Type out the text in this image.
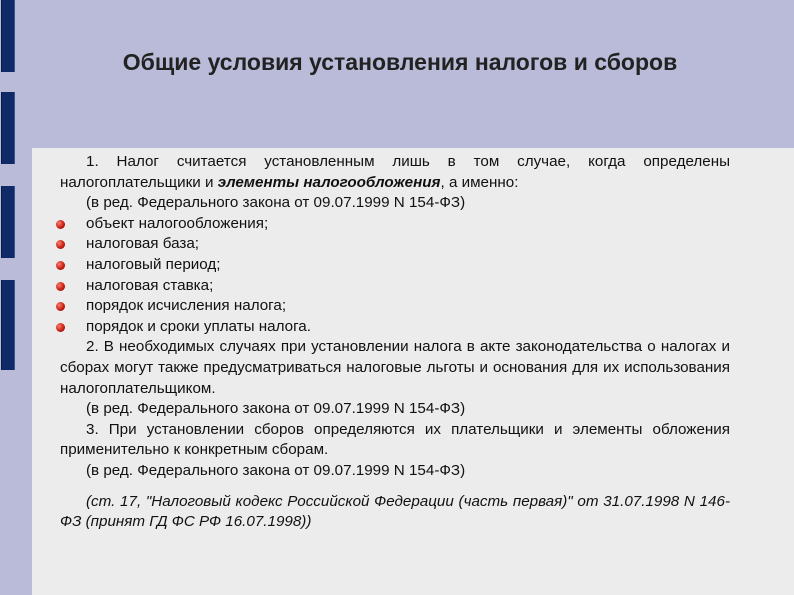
Общие условия установления налогов и сборов

1. Налог считается установленным лишь в том случае, когда определены налогоплательщики и элементы налогообложения, а именно:

(в ред. Федерального закона от 09.07.1999 N 154-ФЗ)

объект налогообложения;

налоговая база;

налоговый период;

налоговая ставка;

порядок исчисления налога;

порядок и сроки уплаты налога.

2. В необходимых случаях при установлении налога в акте законодательства о налогах и сборах могут также предусматриваться налоговые льготы и основания для их использования налогоплательщиком.

(в ред. Федерального закона от 09.07.1999 N 154-ФЗ)

3. При установлении сборов определяются их плательщики и элементы обложения применительно к конкретным сборам.

(в ред. Федерального закона от 09.07.1999 N 154-ФЗ)

(ст. 17, "Налоговый кодекс Российской Федерации (часть первая)" от 31.07.1998 N 146-ФЗ (принят ГД ФС РФ 16.07.1998))
